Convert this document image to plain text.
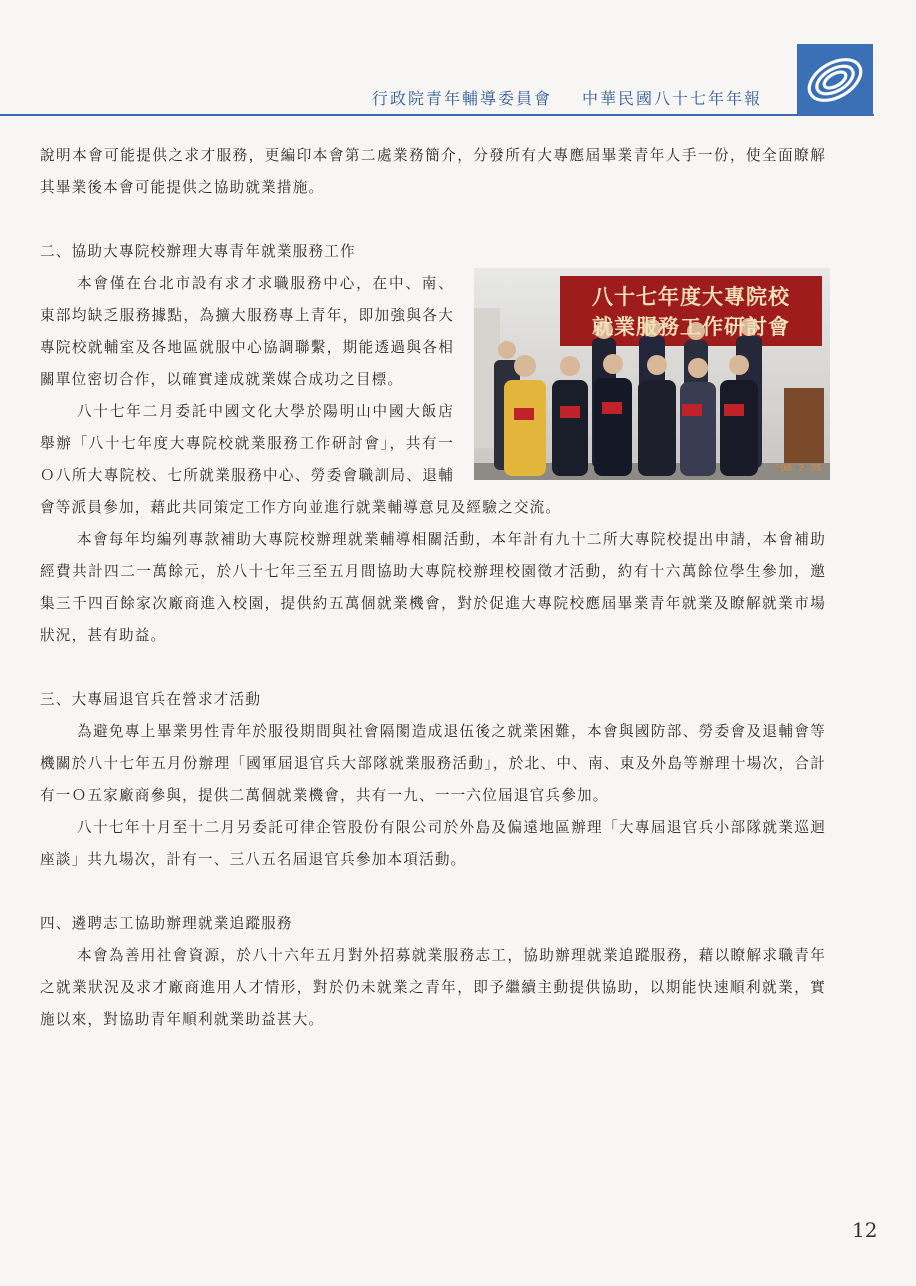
行政院青年輔導委員會 中華民國八十七年年報

說明本會可能提供之求才服務，更編印本會第二處業務簡介，分發所有大專應屆畢業青年人手一份，使全面瞭解其畢業後本會可能提供之協助就業措施。

二、協助大專院校辦理大專青年就業服務工作
八十七年度大專院校
就業服務工作研討會
'98 2 25

本會僅在台北市設有求才求職服務中心，在中、南、東部均缺乏服務據點，為擴大服務專上青年，即加強與各大專院校就輔室及各地區就服中心協調聯繫，期能透過與各相關單位密切合作，以確實達成就業媒合成功之目標。

八十七年二月委託中國文化大學於陽明山中國大飯店舉辦「八十七年度大專院校就業服務工作研討會」，共有一Ｏ八所大專院校、七所就業服務中心、勞委會職訓局、退輔會等派員參加，藉此共同策定工作方向並進行就業輔導意見及經驗之交流。

本會每年均編列專款補助大專院校辦理就業輔導相關活動，本年計有九十二所大專院校提出申請，本會補助經費共計四二一萬餘元，於八十七年三至五月間協助大專院校辦理校園徵才活動，約有十六萬餘位學生參加，邀集三千四百餘家次廠商進入校園，提供約五萬個就業機會，對於促進大專院校應屆畢業青年就業及瞭解就業市場狀況，甚有助益。

三、大專屆退官兵在營求才活動

為避免專上畢業男性青年於服役期間與社會隔閡造成退伍後之就業困難，本會與國防部、勞委會及退輔會等機關於八十七年五月份辦理「國軍屆退官兵大部隊就業服務活動」，於北、中、南、東及外島等辦理十場次，合計有一Ｏ五家廠商參與，提供二萬個就業機會，共有一九、一一六位屆退官兵參加。

八十七年十月至十二月另委託可律企管股份有限公司於外島及偏遠地區辦理「大專屆退官兵小部隊就業巡迴座談」共九場次，計有一、三八五名屆退官兵參加本項活動。

四、遴聘志工協助辦理就業追蹤服務

本會為善用社會資源，於八十六年五月對外招募就業服務志工，協助辦理就業追蹤服務，藉以瞭解求職青年之就業狀況及求才廠商進用人才情形，對於仍未就業之青年，即予繼續主動提供協助，以期能快速順利就業，實施以來，對協助青年順利就業助益甚大。

12
